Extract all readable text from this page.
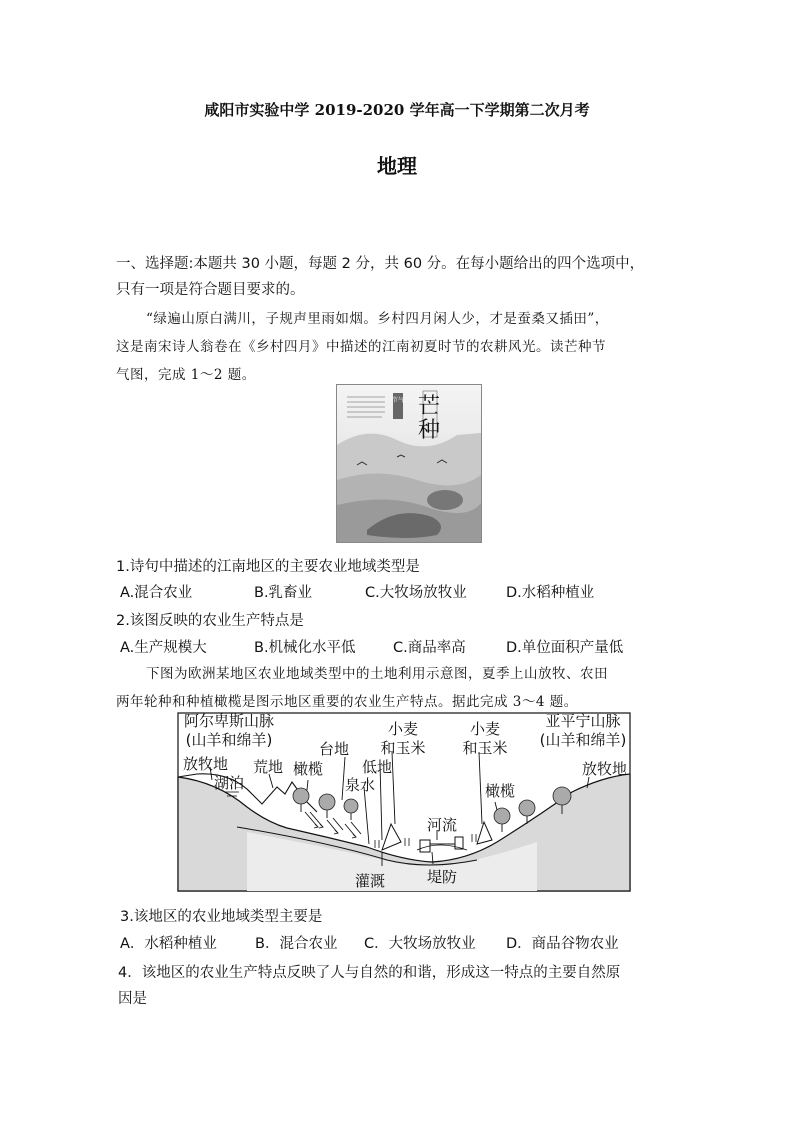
咸阳市实验中学 2019-2020 学年高一下学期第二次月考
地理
一、选择题:本题共 30 小题，每题 2 分，共 60 分。在每小题给出的四个选项中，
只有一项是符合题目要求的。
“绿遍山原白满川，子规声里雨如烟。乡村四月闲人少，才是蚕桑又插田”，
这是南宋诗人翁卷在《乡村四月》中描述的江南初夏时节的农耕风光。读芒种节
气图，完成 1～2 题。
芒
种
节气
1.诗句中描述的江南地区的主要农业地域类型是
A.混合农业	B.乳畜业	C.大牧场放牧业	D.水稻种植业
2.该图反映的农业生产特点是
A.生产规模大	B.机械化水平低	C.商品率高	D.单位面积产量低
下图为欧洲某地区农业地域类型中的土地利用示意图，夏季上山放牧、农田
两年轮种和种植橄榄是图示地区重要的农业生产特点。据此完成 3～4 题。
阿尔卑斯山脉
(山羊和绵羊)
放牧地
湖泊
荒地 橄榄
台地
泉水
低地
小麦
和玉米
小麦
和玉米
亚平宁山脉
(山羊和绵羊)
放牧地
橄榄
河流
灌溉	堤防
3.该地区的农业地域类型主要是
A．水稻种植业	B．混合农业 C．大牧场放牧业 D．商品谷物农业
4．该地区的农业生产特点反映了人与自然的和谐，形成这一特点的主要自然原
因是
